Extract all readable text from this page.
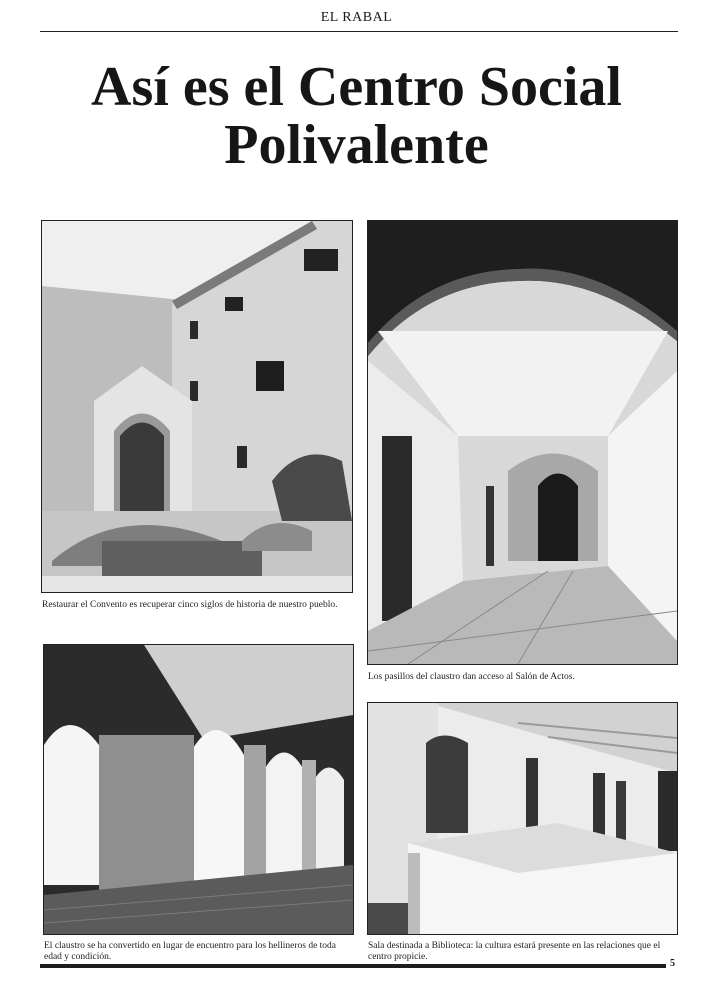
EL RABAL
Así es el Centro Social
Polivalente
Restaurar el Convento es recuperar cinco siglos de historia de nuestro pueblo.
Los pasillos del claustro dan acceso al Salón de Actos.
El claustro se ha convertido en lugar de encuentro para los hellineros de toda edad y condición.
Sala destinada a Biblioteca: la cultura estará presente en las relaciones que el centro propicie.
5
